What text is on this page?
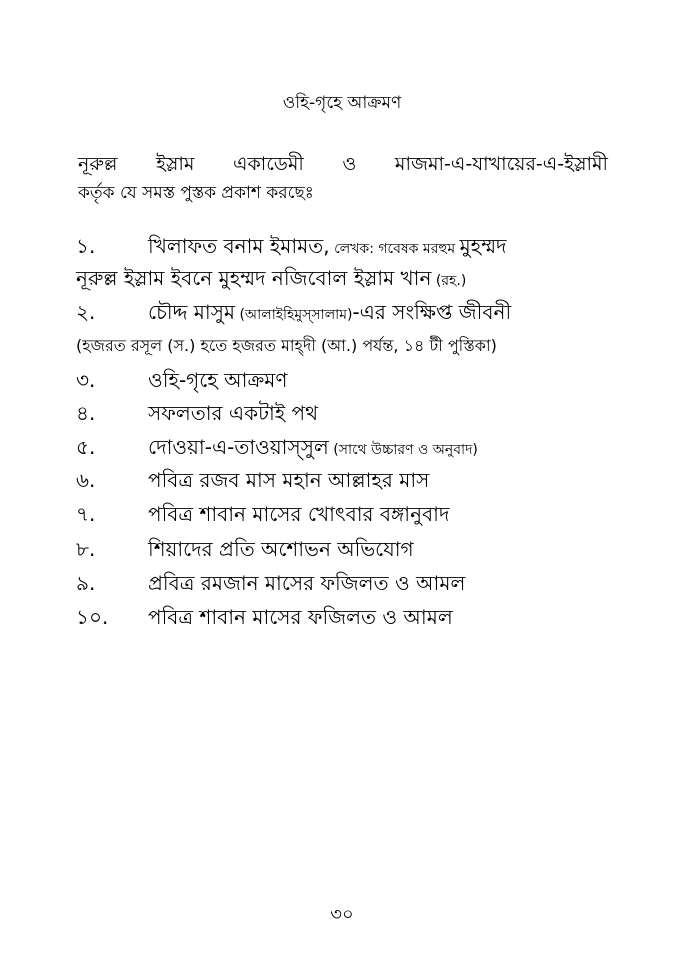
ওহি-গৃহে আক্রমণ
নূরুল্ল ইস্লাম একাডেমী ও মাজমা-এ-যাখায়ের-এ-ইস্লামী
কর্তৃক যে সমস্ত পুস্তক প্রকাশ করছেঃ
১.	খিলাফত বনাম ইমামত, লেখক: গবেষক মরহুম মুহম্মদ
নূরুল্ল ইস্লাম ইবনে মুহম্মদ নজিবোল ইস্লাম খান (রহ.)
২.	চৌদ্দ মাসুম (আলাইহিমুস্সালাম)-এর সংক্ষিপ্ত জীবনী
(হজরত রসূল (স.) হতে হজরত মাহ্দী (আ.) পর্যন্ত, ১৪ টী পুস্তিকা)
৩.	ওহি-গৃহে আক্রমণ
৪.	সফলতার একটাই পথ
৫.	দোওয়া-এ-তাওয়াস্সুল (সাথে উচ্চারণ ও অনুবাদ)
৬.	পবিত্র রজব মাস মহান আল্লাহর মাস
৭.	পবিত্র শাবান মাসের খোৎবার বঙ্গানুবাদ
৮.	শিয়াদের প্রতি অশোভন অভিযোগ
৯.	প্রবিত্র রমজান মাসের ফজিলত ও আমল
১০. পবিত্র শাবান মাসের ফজিলত ও আমল
৩০
